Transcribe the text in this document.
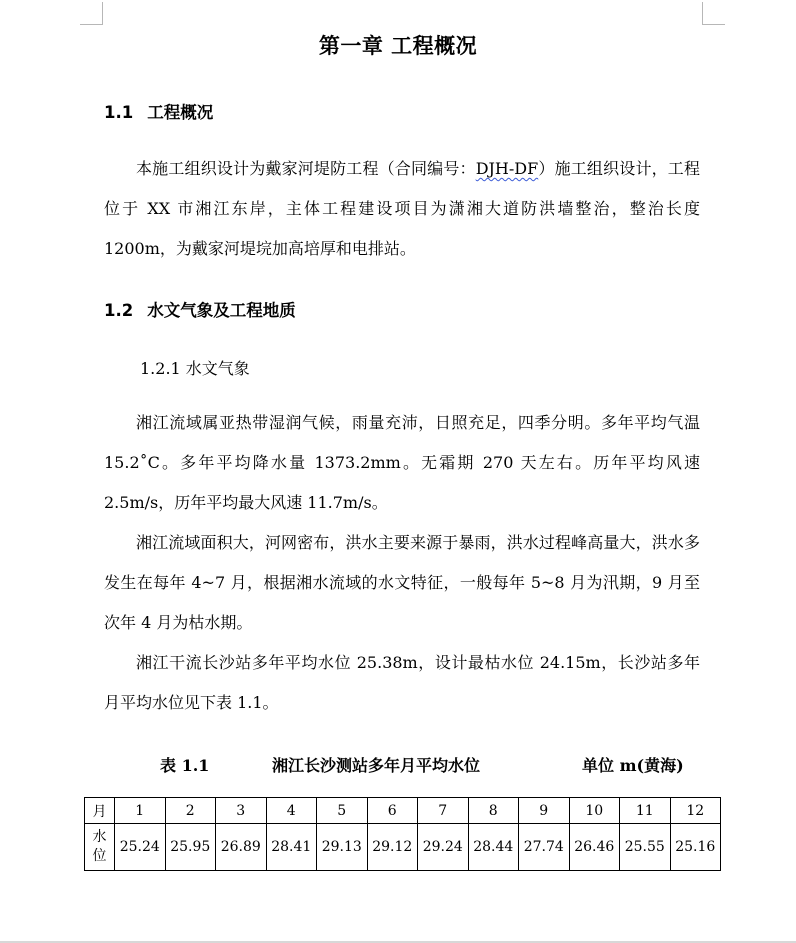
第一章 工程概况
1.1 工程概况
本施工组织设计为戴家河堤防工程（合同编号：DJH-DF）施工组织设计，工程位于 XX 市湘江东岸，主体工程建设项目为潇湘大道防洪墙整治，整治长度 1200m，为戴家河堤垸加高培厚和电排站。
1.2 水文气象及工程地质
1.2.1 水文气象
湘江流域属亚热带湿润气候，雨量充沛，日照充足，四季分明。多年平均气温 15.2˚C。多年平均降水量 1373.2mm。无霜期 270 天左右。历年平均风速 2.5m/s，历年平均最大风速 11.7m/s。
湘江流域面积大，河网密布，洪水主要来源于暴雨，洪水过程峰高量大，洪水多发生在每年 4~7 月，根据湘水流域的水文特征，一般每年 5~8 月为汛期，9 月至次年 4 月为枯水期。
湘江干流长沙站多年平均水位 25.38m，设计最枯水位 24.15m，长沙站多年月平均水位见下表 1.1。
表 1.1	湘江长沙测站多年月平均水位	单位 m(黄海)
月	1	2	3	4	5	6	7	8	9	10	11	12
水位	25.24	25.95	26.89	28.41	29.13	29.12	29.24	28.44	27.74	26.46	25.55	25.16
